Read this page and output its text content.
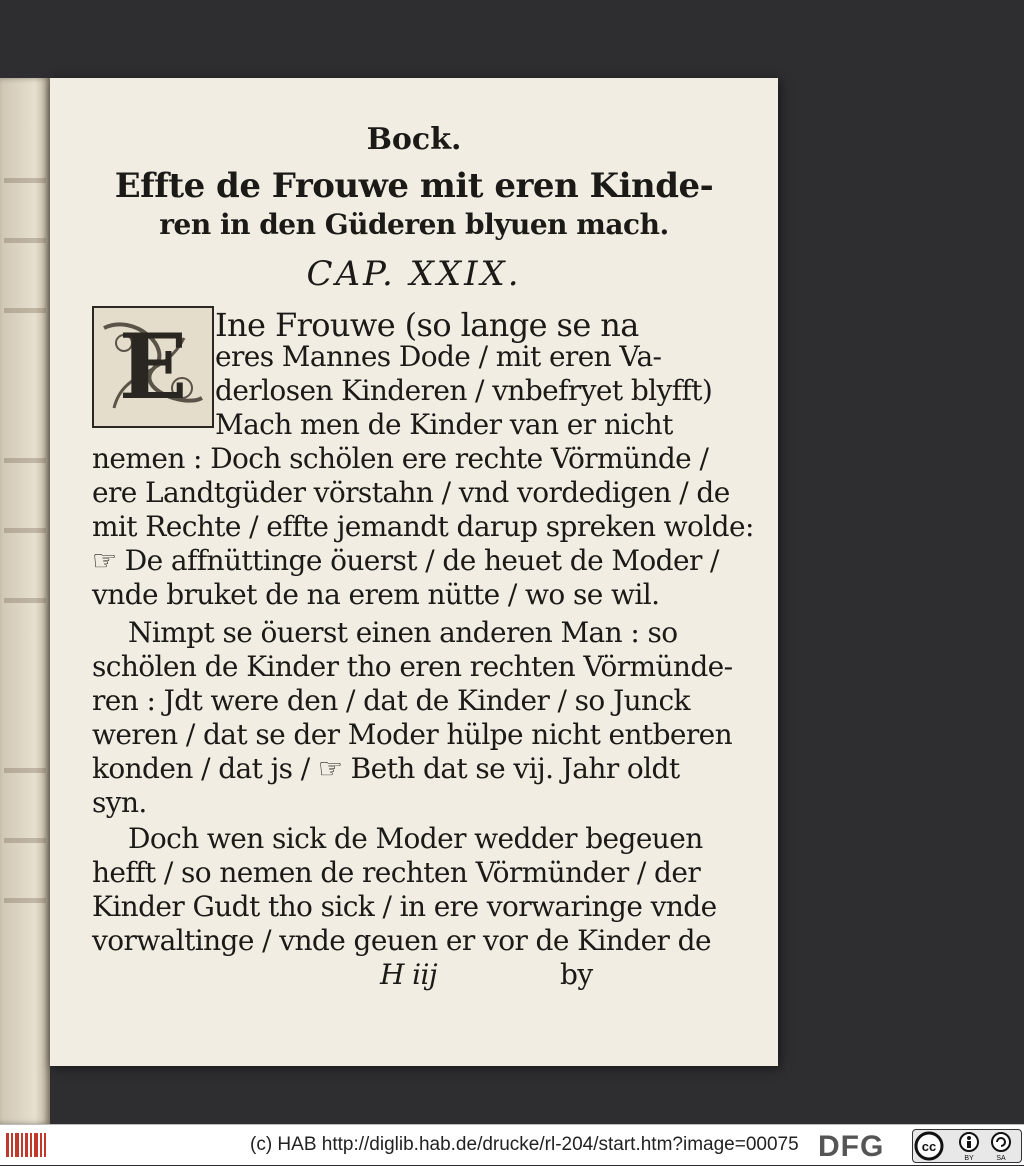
Bock.
Effte de Frouwe mit eren Kinde-
ren in den Güderen blyuen mach.
CAP. XXIX.
E Ine Frouwe (so lange se na
eres Mannes Dode / mit eren Va-
derlosen Kinderen / vnbefryet blyfft)
Mach men de Kinder van er nicht
nemen : Doch schölen ere rechte Vörmünde /
ere Landtgüder vörstahn / vnd vordedigen / de
mit Rechte / effte jemandt darup spreken wolde:
☞ De affnüttinge öuerst / de heuet de Moder /
vnde bruket de na erem nütte / wo se wil.
Nimpt se öuerst einen anderen Man : so
schölen de Kinder tho eren rechten Vörmünde-
ren : Jdt were den / dat de Kinder / so Junck
weren / dat se der Moder hülpe nicht entberen
konden / dat js / ☞ Beth dat se vij. Jahr oldt
syn.
Doch wen sick de Moder wedder begeuen
hefft / so nemen de rechten Vörmünder / der
Kinder Gudt tho sick / in ere vorwaringe vnde
vorwaltinge / vnde geuen er vor de Kinder de
H iij	by
(c) HAB http://diglib.hab.de/drucke/rl-204/start.htm?image=00075 DFG	cc
BY	SA
